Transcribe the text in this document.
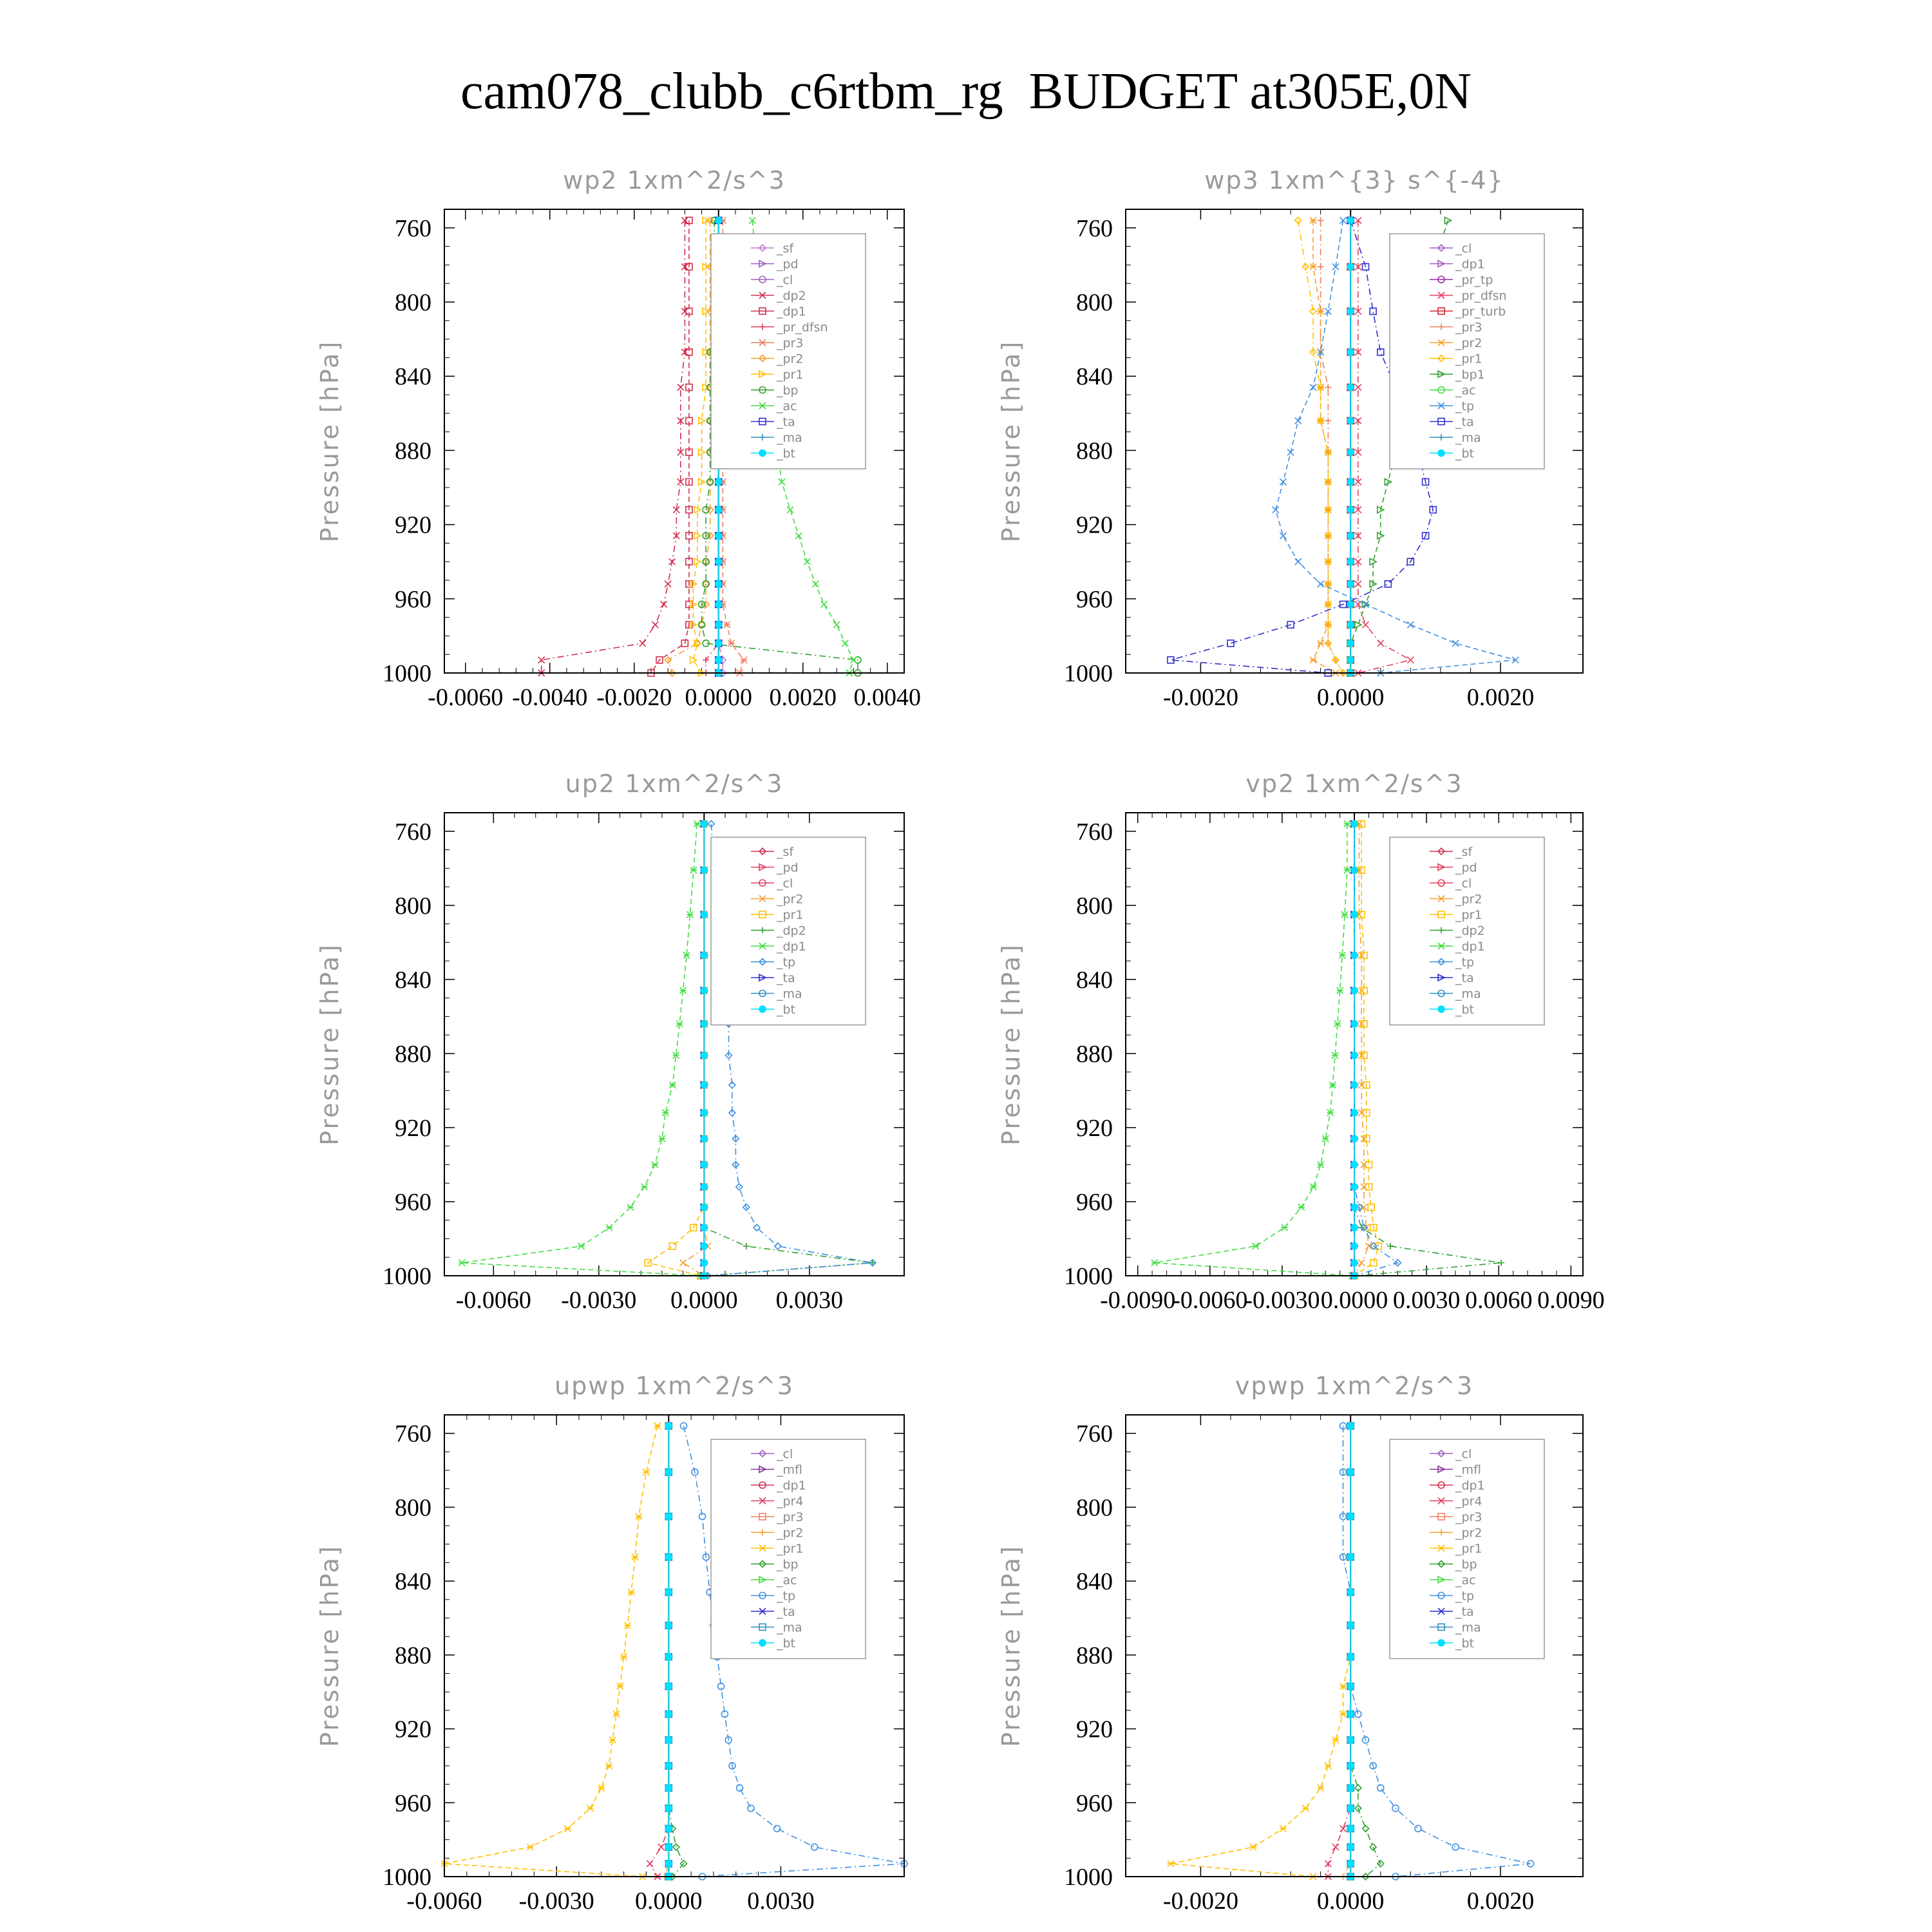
cam078_clubb_c6rtbm_rg  BUDGET at305E,0N
wp2 1xm^2/s^3
Pressure [hPa]
760
800
840
880
920
960
1000
-0.0060 -0.0040 -0.0020 0.0000 0.0020 0.0040
_sf
_pd
_cl
_dp2
_dp1
_pr_dfsn
_pr3
_pr2
_pr1
_bp
_ac
_ta
_ma
_bt
wp3 1xm^{3} s^{-4}
Pressure [hPa]
760
800
840
880
920
960
1000
-0.0020	0.0000	0.0020
_cl
_dp1
_pr_tp
_pr_dfsn
_pr_turb
_pr3
_pr2
_pr1
_bp1
_ac
_tp
_ta
_ma
_bt
up2 1xm^2/s^3
Pressure [hPa]
760
800
840
880
920
960
1000
-0.0060 -0.0030 0.0000 0.0030
_sf
_pd
_cl
_pr2
_pr1
_dp2
_dp1
_tp
_ta
_ma
_bt
vp2 1xm^2/s^3
Pressure [hPa]
760
800
840
880
920
960
1000
-0.0090
-0.0060
-0.0030 0.0000 0.0030 0.0060 0.0090
_sf
_pd
_cl
_pr2
_pr1
_dp2
_dp1
_tp
_ta
_ma
_bt
upwp 1xm^2/s^3
Pressure [hPa]
760
800
840
880
920
960
1000
-0.0060 -0.0030 0.0000 0.0030
_cl
_mfl
_dp1
_pr4
_pr3
_pr2
_pr1
_bp
_ac
_tp
_ta
_ma
_bt
vpwp 1xm^2/s^3
Pressure [hPa]
760
800
840
880
920
960
1000
-0.0020	0.0000	0.0020
_cl
_mfl
_dp1
_pr4
_pr3
_pr2
_pr1
_bp
_ac
_tp
_ta
_ma
_bt
